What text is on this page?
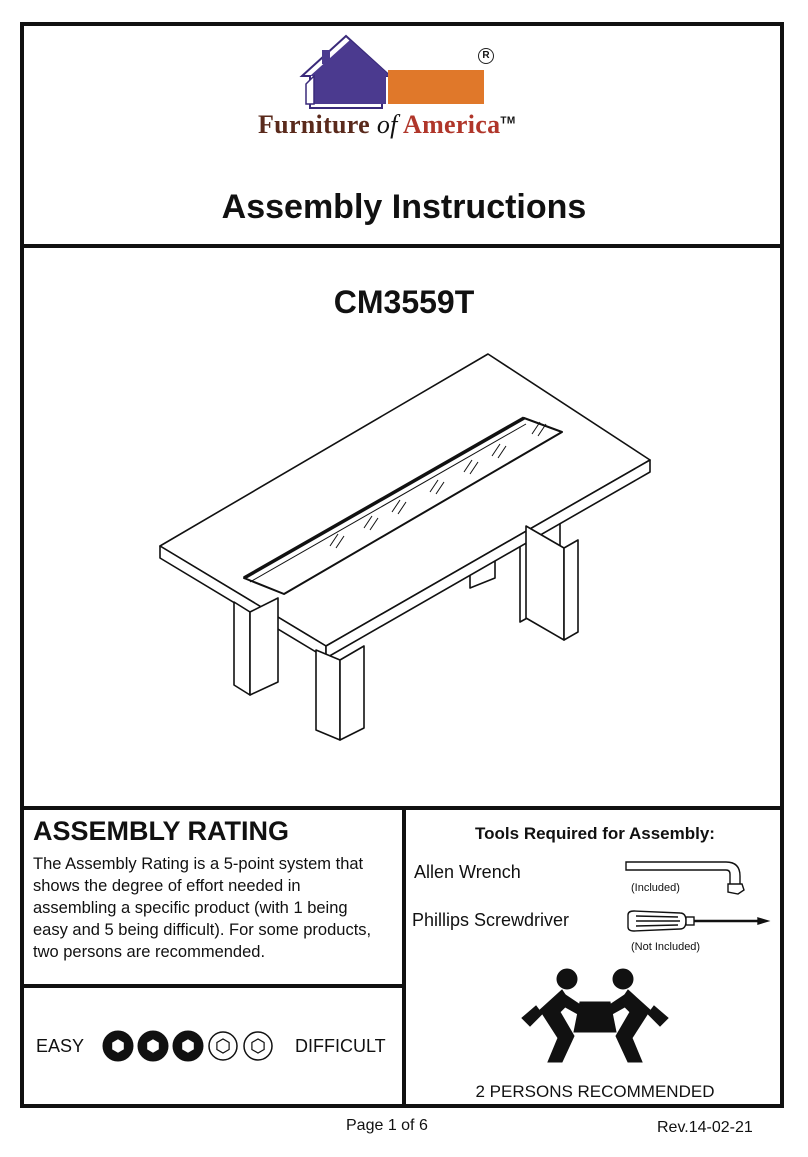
R
Furniture of America™
Assembly Instructions
CM3559T
ASSEMBLY RATING
The Assembly Rating is a 5-point system that shows the degree of effort needed in assembling a specific product (with 1 being easy and 5 being difficult). For some products, two persons are recommended.
EASY	DIFFICULT
Tools Required for Assembly:
Allen Wrench
(Included)
Phillips Screwdriver
(Not Included)
2 PERSONS RECOMMENDED
Page 1 of 6	Rev.14-02-21
